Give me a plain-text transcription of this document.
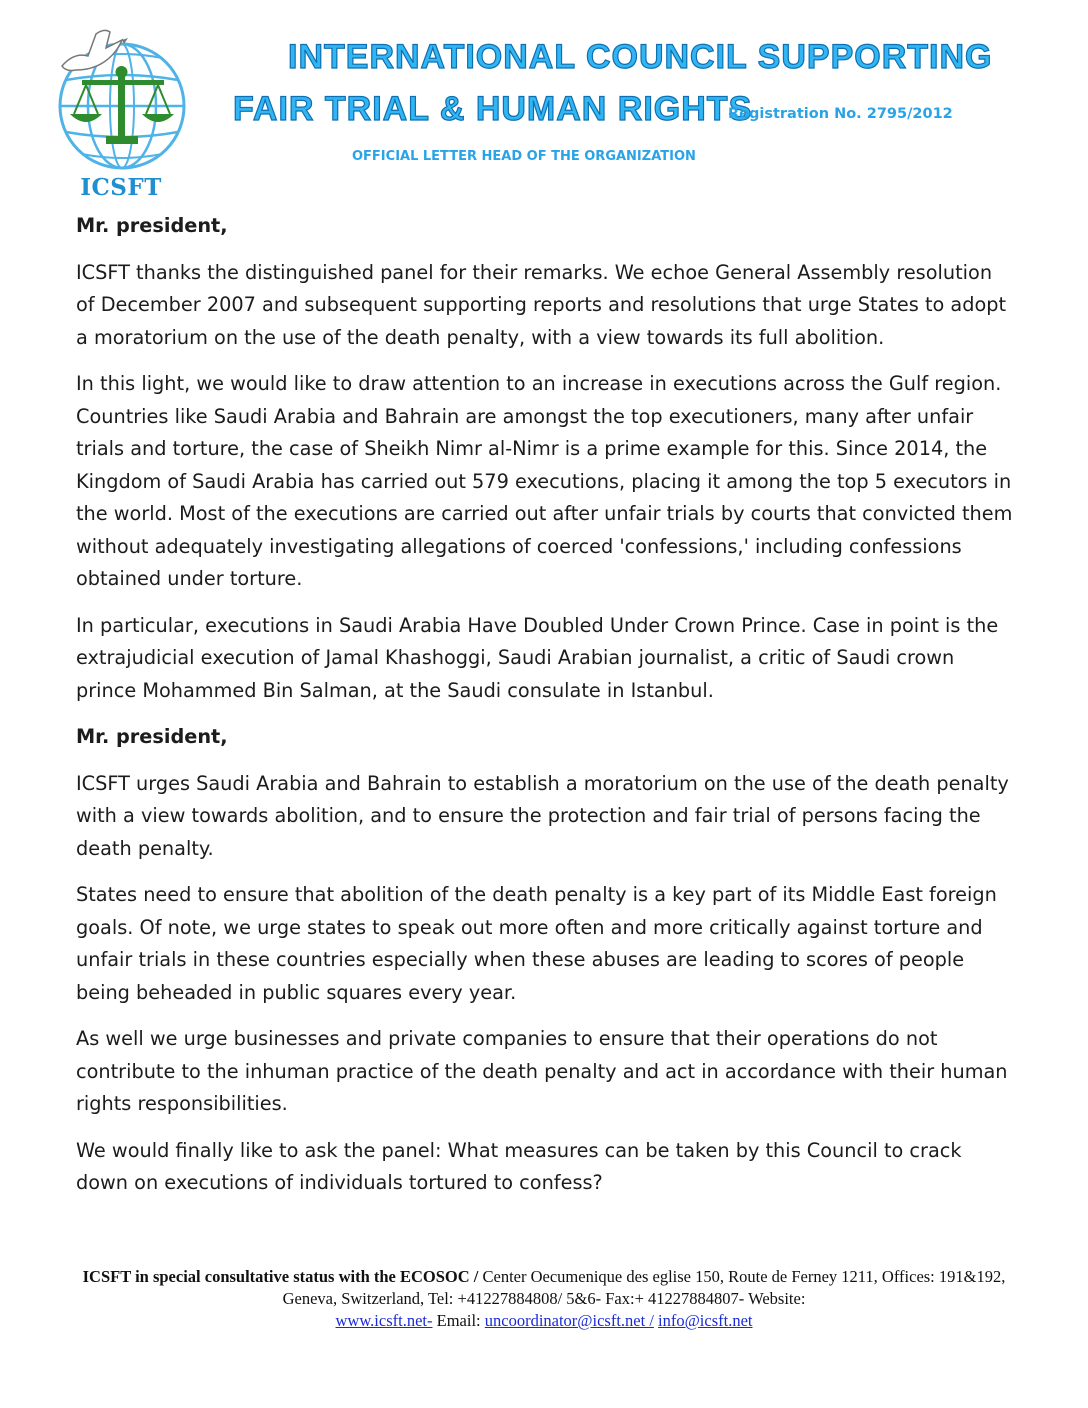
ICSFT
INTERNATIONAL COUNCIL SUPPORTING
FAIR TRIAL & HUMAN RIGHTS
Registration No. 2795/2012
OFFICIAL LETTER HEAD OF THE ORGANIZATION

Mr. president,

ICSFT thanks the distinguished panel for their remarks. We echoe General Assembly resolution of December 2007 and subsequent supporting reports and resolutions that urge States to adopt a moratorium on the use of the death penalty, with a view towards its full abolition.

In this light, we would like to draw attention to an increase in executions across the Gulf region. Countries like Saudi Arabia and Bahrain are amongst the top executioners, many after unfair trials and torture, the case of Sheikh Nimr al-Nimr is a prime example for this. Since 2014, the Kingdom of Saudi Arabia has carried out 579 executions, placing it among the top 5 executors in the world. Most of the executions are carried out after unfair trials by courts that convicted them without adequately investigating allegations of coerced 'confessions,' including confessions obtained under torture.

In particular, executions in Saudi Arabia Have Doubled Under Crown Prince. Case in point is the extrajudicial execution of Jamal Khashoggi, Saudi Arabian journalist, a critic of Saudi crown prince Mohammed Bin Salman, at the Saudi consulate in Istanbul.

Mr. president,

ICSFT urges Saudi Arabia and Bahrain to establish a moratorium on the use of the death penalty with a view towards abolition, and to ensure the protection and fair trial of persons facing the death penalty.

States need to ensure that abolition of the death penalty is a key part of its Middle East foreign goals. Of note, we urge states to speak out more often and more critically against torture and unfair trials in these countries especially when these abuses are leading to scores of people being beheaded in public squares every year.

As well we urge businesses and private companies to ensure that their operations do not contribute to the inhuman practice of the death penalty and act in accordance with their human rights responsibilities.

We would finally like to ask the panel: What measures can be taken by this Council to crack down on executions of individuals tortured to confess?

ICSFT in special consultative status with the ECOSOC / Center Oecumenique des eglise 150, Route de Ferney 1211, Offices: 191&192, Geneva, Switzerland, Tel: +41227884808/ 5&6- Fax:+ 41227884807- Website:
www.icsft.net- Email: uncoordinator@icsft.net / info@icsft.net
